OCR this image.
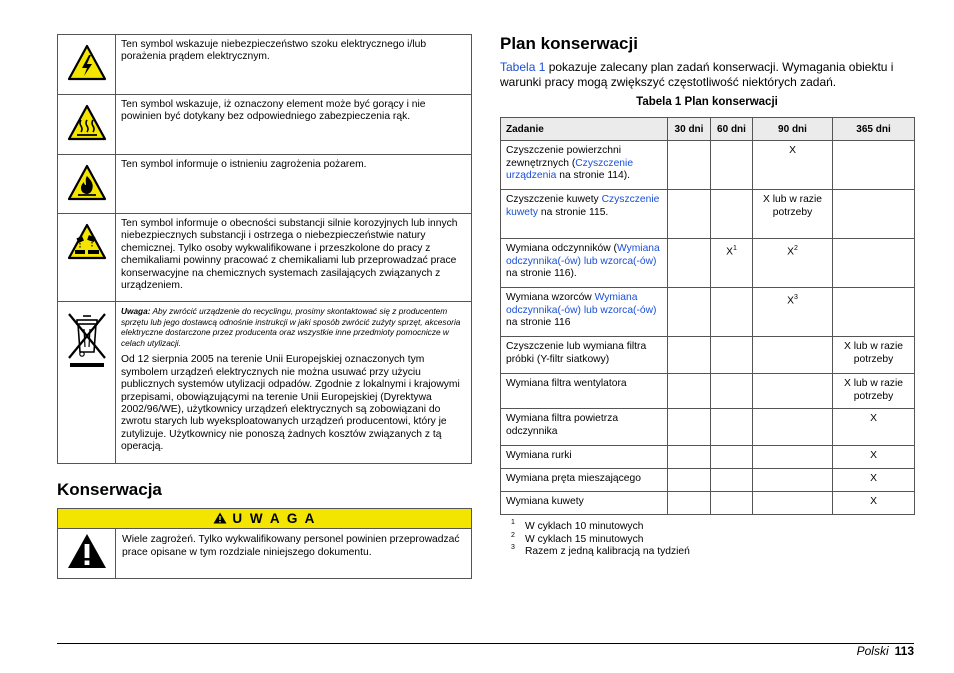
	Ten symbol wskazuje niebezpieczeństwo szoku elektrycznego i/lub porażenia prądem elektrycznym.

	Ten symbol wskazuje, iż oznaczony element może być gorący i nie powinien być dotykany bez odpowiedniego zabezpieczenia rąk.

	Ten symbol informuje o istnieniu zagrożenia pożarem.

	Ten symbol informuje o obecności substancji silnie korozyjnych lub innych niebezpiecznych substancji i ostrzega o niebezpieczeństwie natury chemicznej. Tylko osoby wykwalifikowane i przeszkolone do pracy z chemikaliami powinny pracować z chemikaliami lub przeprowadzać prace konserwacyjne na chemicznych systemach zasilających związanych z urządzeniem.

Uwaga: Aby zwrócić urządzenie do recyclingu, prosimy skontaktować się z producentem sprzętu lub jego dostawcą odnośnie instrukcji w jaki sposób zwrócić zużyty sprzęt, akcesoria elektryczne dostarczone przez producenta oraz wszystkie inne przedmioty pomocnicze w celach utylizacji.
Od 12 sierpnia 2005 na terenie Unii Europejskiej oznaczonych tym symbolem urządzeń elektrycznych nie można usuwać przy użyciu publicznych systemów utylizacji odpadów. Zgodnie z lokalnymi i krajowymi przepisami, obowiązującymi na terenie Unii Europejskiej (Dyrektywa 2002/96/WE), użytkownicy urządzeń elektrycznych są zobowiązani do zwrotu starych lub wyeksploatowanych urządzeń producentowi, który je zutylizuje. Użytkownicy nie ponoszą żadnych kosztów związanych z tą operacją.
Konserwacja
U W A G A
	Wiele zagrożeń. Tylko wykwalifikowany personel powinien przeprowadzać prace opisane w tym rozdziale niniejszego dokumentu.
Plan konserwacji
Tabela 1 pokazuje zalecany plan zadań konserwacji. Wymagania obiektu i warunki pracy mogą zwiększyć częstotliwość niektórych zadań.
Tabela 1 Plan konserwacji
Zadanie	30 dni	60 dni	90 dni	365 dni
Czyszczenie powierzchni zewnętrznych (Czyszczenie urządzenia na stronie 114).			X	
Czyszczenie kuwety Czyszczenie kuwety na stronie 115.			X lub w razie potrzeby	
Wymiana odczynników (Wymiana odczynnika(-ów) lub wzorca(-ów) na stronie 116).		$X^1$	$X^2$	
Wymiana wzorców Wymiana odczynnika(-ów) lub wzorca(-ów) na stronie 116			$X^3$	
Czyszczenie lub wymiana filtra próbki (Y-filtr siatkowy)				X lub w razie potrzeby
Wymiana filtra wentylatora				X lub w razie potrzeby
Wymiana filtra powietrza odczynnika				X
Wymiana rurki				X
Wymiana pręta mieszającego				X
Wymiana kuwety				X
1 W cyklach 10 minutowych
2 W cyklach 15 minutowych
3 Razem z jedną kalibracją na tydzień
Polski 113
